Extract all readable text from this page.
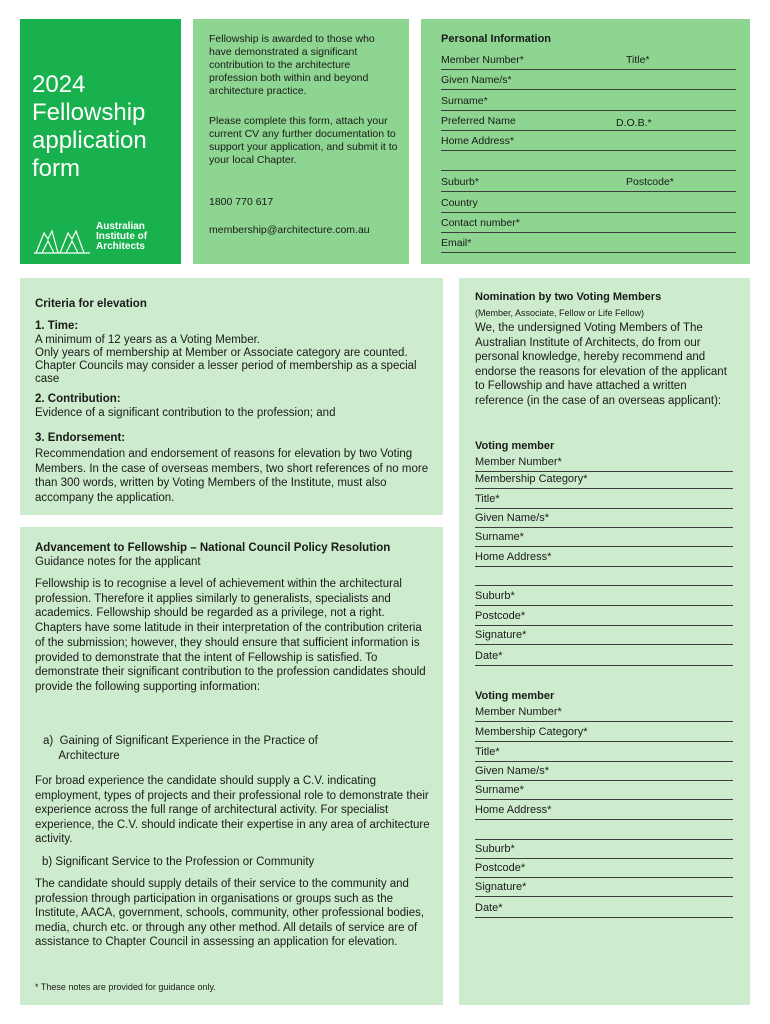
2024
Fellowship
application
form
Australian
Institute of
Architects

Fellowship is awarded to those who have demonstrated a significant contribution to the architecture profession both within and beyond architecture practice.

Please complete this form, attach your current CV any further documentation to support your application, and submit it to your local Chapter.

1800 770 617

membership@architecture.com.au

Personal Information
Member Number*	Title*
Given Name/s*
Surname*
Preferred Name	D.O.B.*
Home Address*
Suburb*	Postcode*
Country
Contact number*
Email*
Criteria for elevation
1. Time:
A minimum of 12 years as a Voting Member.
Only years of membership at Member or Associate category are counted. Chapter Councils may consider a lesser period of membership as a special case
2. Contribution:
Evidence of a significant contribution to the profession; and
3. Endorsement:
Recommendation and endorsement of reasons for elevation by two Voting Members. In the case of overseas members, two short references of no more than 300 words, written by Voting Members of the Institute, must also accompany the application.
Advancement to Fellowship – National Council Policy Resolution
Guidance notes for the applicant
Fellowship is to recognise a level of achievement within the architectural profession. Therefore it applies similarly to generalists, specialists and academics. Fellowship should be regarded as a privilege, not a right. Chapters have some latitude in their interpretation of the contribution criteria of the submission; however, they should ensure that sufficient information is provided to demonstrate that the intent of Fellowship is satisfied. To demonstrate their significant contribution to the profession candidates should provide the following supporting information:
a)  Gaining of Significant Experience in the Practice of
Architecture
For broad experience the candidate should supply a C.V. indicating employment, types of projects and their professional role to demonstrate their experience across the full range of architectural activity. For specialist experience, the C.V. should indicate their expertise in any area of architecture activity.
b) Significant Service to the Profession or Community
The candidate should supply details of their service to the community and profession through participation in organisations or groups such as the Institute, AACA, government, schools, community, other professional bodies, media, church etc. or through any other method. All details of service are of assistance to Chapter Council in assessing an application for elevation.
* These notes are provided for guidance only.
Nomination by two Voting Members
(Member, Associate, Fellow or Life Fellow)
We, the undersigned Voting Members of The Australian Institute of Architects, do from our personal knowledge, hereby recommend and endorse the reasons for elevation of the applicant to Fellowship and have attached a written reference (in the case of an overseas applicant):
Voting member
Member Number*
Membership Category*
Title*
Given Name/s*
Surname*
Home Address*
Suburb*
Postcode*
Signature*
Date*
Voting member
Member Number*
Membership Category*
Title*
Given Name/s*
Surname*
Home Address*
Suburb*
Postcode*
Signature*
Date*
